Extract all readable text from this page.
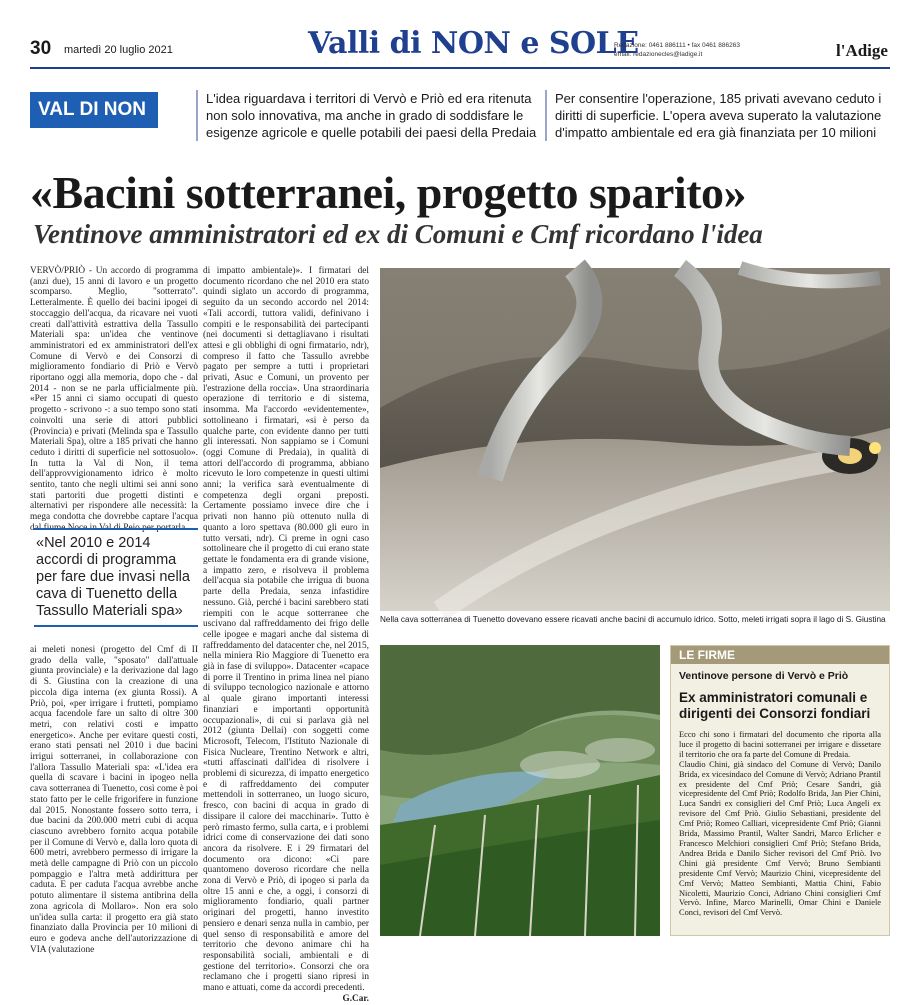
30 martedì 20 luglio 2021	Valli di NON e SOLE
Redazione: 0461 886111 • fax 0461 886263
email: redazionecles@ladige.it	l'Adige
VAL DI NON
L'idea riguardava i territori di Vervò e Priò ed era ritenuta non solo innovativa, ma anche in grado di soddisfare le esigenze agricole e quelle potabili dei paesi della Predaia
Per consentire l'operazione, 185 privati avevano ceduto i diritti di superficie. L'opera aveva superato la valutazione d'impatto ambientale ed era già finanziata per 10 milioni
«Bacini sotterranei, progetto sparito»
Ventinove amministratori ed ex di Comuni e Cmf ricordano l'idea
VERVÒ/PRIÒ - Un accordo di programma (anzi due), 15 anni di lavoro e un progetto scomparso. Meglio, "sotterrato". Letteralmente. È quello dei bacini ipogei di stoccaggio dell'acqua, da ricavare nei vuoti creati dall'attività estrattiva della Tassullo Materiali spa: un'idea che ventinove amministratori ed ex amministratori dell'ex Comune di Vervò e dei Consorzi di miglioramento fondiario di Priò e Vervò riportano oggi alla memoria, dopo che - dal 2014 - non se ne parla ufficialmente più. «Per 15 anni ci siamo occupati di questo progetto - scrivono -: a suo tempo sono stati coinvolti una serie di attori pubblici (Provincia) e privati (Melinda spa e Tassullo Materiali Spa), oltre a 185 privati che hanno ceduto i diritti di superficie nel sottosuolo». In tutta la Val di Non, il tema dell'approvvigionamento idrico è molto sentito, tanto che negli ultimi sei anni sono stati partoriti due progetti distinti e alternativi per rispondere alle necessità: la mega condotta che dovrebbe captare l'acqua dal fiume Noce in Val di Peio per portarla
«Nel 2010 e 2014 accordi di programma per fare due invasi nella cava di Tuenetto della Tassullo Materiali spa»
ai meleti nonesi (progetto del Cmf di II grado della valle, "sposato" dall'attuale giunta provinciale) e la derivazione dal lago di S. Giustina con la creazione di una piccola diga interna (ex giunta Rossi). A Priò, poi, «per irrigare i frutteti, pompiamo acqua facendole fare un salto di oltre 300 metri, con relativi costi e impatto energetico». Anche per evitare questi costi, erano stati pensati nel 2010 i due bacini irrigui sotterranei, in collaborazione con l'allora Tassullo Materiali spa: «L'idea era quella di scavare i bacini in ipogeo nella cava sotterranea di Tuenetto, così come è poi stato fatto per le celle frigorifere in funzione dal 2015. Nonostante fossero sotto terra, i due bacini da 200.000 metri cubi di acqua ciascuno avrebbero fornito acqua potabile per il Comune di Vervò e, dalla loro quota di 600 metri, avrebbero permesso di irrigare la metà delle campagne di Priò con un piccolo pompaggio e l'altra metà addirittura per caduta. E per caduta l'acqua avrebbe anche potuto alimentare il sistema antibrina della zona agricola di Mollaro». Non era solo un'idea sulla carta: il progetto era già stato finanziato dalla Provincia per 10 milioni di euro e godeva anche dell'autorizzazione di VIA (valutazione
di impatto ambientale)». I firmatari del documento ricordano che nel 2010 era stato quindi siglato un accordo di programma, seguito da un secondo accordo nel 2014: «Tali accordi, tuttora validi, definivano i compiti e le responsabilità dei partecipanti (nei documenti si dettagliavano i risultati attesi e gli obblighi di ogni firmatario, ndr), compreso il fatto che Tassullo avrebbe pagato per sempre a tutti i proprietari privati, Asuc e Comuni, un provento per l'estrazione della roccia». Una straordinaria operazione di territorio e di sistema, insomma. Ma l'accordo «evidentemente», sottolineano i firmatari, «si è perso da qualche parte, con evidente danno per tutti gli interessati. Non sappiamo se i Comuni (oggi Comune di Predaia), in qualità di attori dell'accordo di programma, abbiano ricevuto le loro competenze in questi ultimi anni; la verifica sarà eventualmente di competenza degli organi preposti. Certamente possiamo invece dire che i privati non hanno più ottenuto nulla di quanto a loro spettava (80.000 gli euro in tutto versati, ndr). Ci preme in ogni caso sottolineare che il progetto di cui erano state gettate le fondamenta era di grande visione, a impatto zero, e risolveva il problema dell'acqua sia potabile che irrigua di buona parte della Predaia, senza infastidire nessuno. Già, perché i bacini sarebbero stati riempiti con le acque sotterranee che uscivano dal raffreddamento dei frigo delle celle ipogee e magari anche dal sistema di raffreddamento del datacenter che, nel 2015, nella miniera Rio Maggiore di Tuenetto era già in fase di sviluppo». Datacenter «capace di porre il Trentino in prima linea nel piano di sviluppo tecnologico nazionale e attorno al quale girano importanti interessi finanziari e importanti opportunità occupazionali», di cui si parlava già nel 2012 (giunta Dellai) con soggetti come Microsoft, Telecom, l'Istituto Nazionale di Fisica Nucleare, Trentino Network e altri, «tutti affascinati dall'idea di risolvere i problemi di sicurezza, di impatto energetico e di raffreddamento dei computer mettendoli in sotterraneo, un luogo sicuro, fresco, con bacini di acqua in grado di dissipare il calore dei macchinari». Tutto è però rimasto fermo, sulla carta, e i problemi idrici come di conservazione dei dati sono ancora da risolvere. E i 29 firmatari del documento ora dicono: «Ci pare quantomeno doveroso ricordare che nella zona di Vervò e Priò, di ipogeo si parla da oltre 15 anni e che, a oggi, i consorzi di miglioramento fondiario, quali partner originari del progetti, hanno investito pensiero e denari senza nulla in cambio, per quel senso di responsabilità e amore del territorio che devono animare chi ha responsabilità sociali, ambientali e di gestione del territorio». Consorzi che ora reclamano che i progetti siano ripresi in mano e attuati, come da accordi precedenti.
G.Car.
Nella cava sotterranea di Tuenetto dovevano essere ricavati anche bacini di accumulo idrico. Sotto, meleti irrigati sopra il lago di S. Giustina
LE FIRME
Ventinove persone di Vervò e Priò
Ex amministratori comunali e dirigenti dei Consorzi fondiari

Ecco chi sono i firmatari del documento che riporta alla luce il progetto di bacini sotterranei per irrigare e dissetare il territorio che ora fa parte del Comune di Predaia.

Claudio Chini, già sindaco del Comune di Vervò; Danilo Brida, ex vicesindaco del Comune di Vervò; Adriano Prantil ex presidente del Cmf Priò; Cesare Sandri, già vicepresidente del Cmf Priò; Rodolfo Brida, Jan Pier Chini, Luca Sandri ex consiglieri del Cmf Priò; Luca Angeli ex revisore del Cmf Priò. Giulio Sebastiani, presidente del Cmf Priò; Romeo Calliari, vicepresidente Cmf Priò; Gianni Brida, Massimo Prantil, Walter Sandri, Marco Erlicher e Francesco Melchiori consiglieri Cmf Priò; Stefano Brida, Andrea Brida e Danilo Sicher revisori del Cmf Priò. Ivo Chini già presidente Cmf Vervò; Bruno Sembianti presidente Cmf Vervò; Maurizio Chini, vicepresidente del Cmf Vervò; Matteo Sembianti, Mattia Chini, Fabio Nicoletti, Maurizio Conci, Adriano Chini consiglieri Cmf Vervò. Infine, Marco Marinelli, Omar Chini e Daniele Conci, revisori del Cmf Vervò.
